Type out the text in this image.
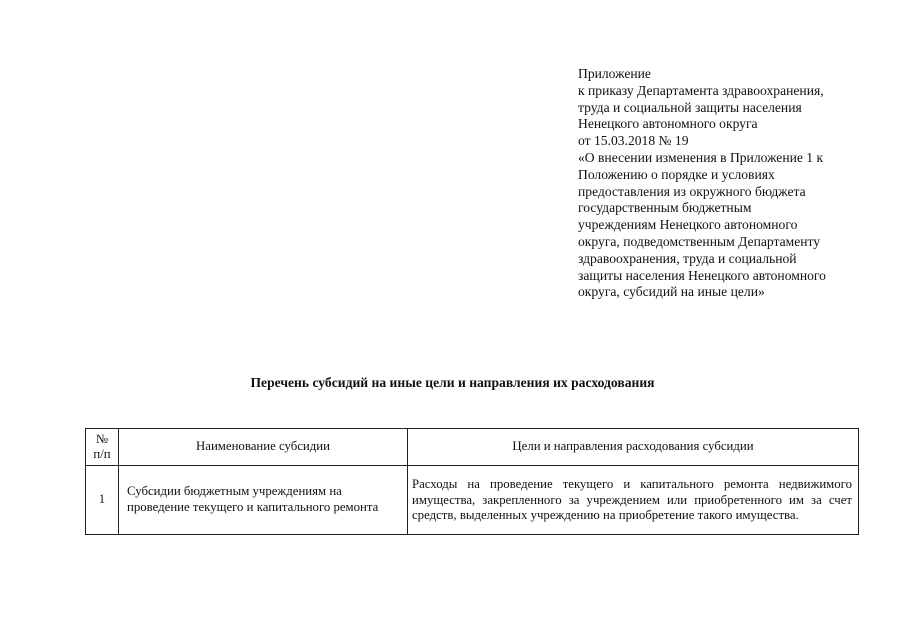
Приложение
к приказу Департамента здравоохранения,
труда и социальной защиты населения
Ненецкого автономного округа
от 15.03.2018 № 19
«О внесении изменения в Приложение 1 к
Положению о порядке и условиях
предоставления из окружного бюджета
государственным бюджетным
учреждениям Ненецкого автономного
округа, подведомственным Департаменту
здравоохранения, труда и социальной
защиты населения Ненецкого автономного
округа, субсидий на иные цели»
Перечень субсидий на иные цели и направления их расходования
№
п/п	Наименование субсидии	Цели и направления расходования субсидии
1	Субсидии бюджетным учреждениям на проведение текущего и капитального ремонта	Расходы на проведение текущего и капитального ремонта недвижимого имущества, закрепленного за учреждением или приобретенного им за счет средств, выделенных учреждению на приобретение такого имущества.
